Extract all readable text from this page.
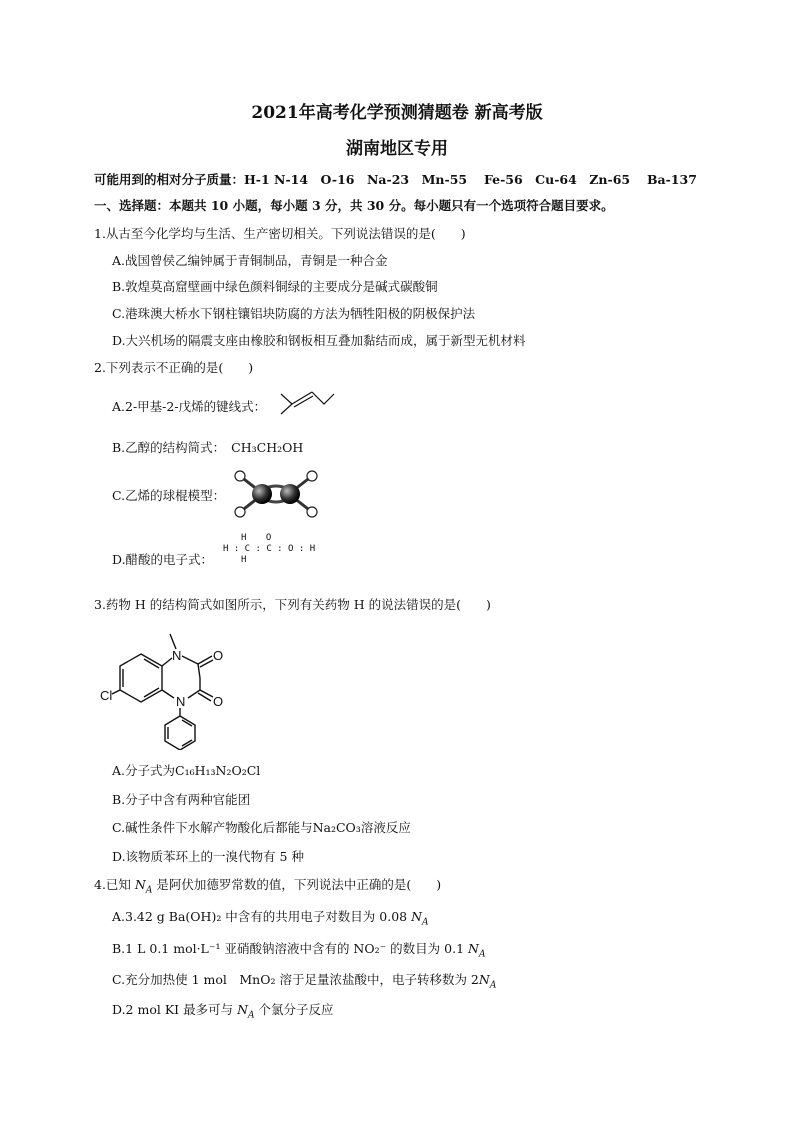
2021年高考化学预测猜题卷 新高考版
湖南地区专用
可能用到的相对分子质量：H-1 N-14　O-16　Na-23　Mn-55　 Fe-56　Cu-64　Zn-65　 Ba-137
一、选择题：本题共 10 小题，每小题 3 分，共 30 分。每小题只有一个选项符合题目要求。
1.从古至今化学均与生活、生产密切相关。下列说法错误的是(　　)
A.战国曾侯乙编钟属于青铜制品，青铜是一种合金
B.敦煌莫高窟壁画中绿色颜料铜绿的主要成分是碱式碳酸铜
C.港珠澳大桥水下钢柱镶铝块防腐的方法为牺牲阳极的阴极保护法
D.大兴机场的隔震支座由橡胶和钢板相互叠加黏结而成，属于新型无机材料
2.下列表示不正确的是(　　)
A.2-甲基-2-戊烯的键线式：
B.乙醇的结构简式： CH₃CH₂OH
C.乙烯的球棍模型：
D.醋酸的电子式：
H O
H : C : C : O : H
H
3.药物 H 的结构简式如图所示，下列有关药物 H 的说法错误的是(　　)
N
N
O
O
Cl
A.分子式为C₁₆H₁₃N₂O₂Cl
B.分子中含有两种官能团
C.碱性条件下水解产物酸化后都能与Na₂CO₃溶液反应
D.该物质苯环上的一溴代物有 5 种
4.已知 $N_A$ 是阿伏加德罗常数的值，下列说法中正确的是(　　)
A.3.42 g Ba(OH)₂ 中含有的共用电子对数目为 0.08 $N_A$
B.1 L 0.1 mol·L⁻¹ 亚硝酸钠溶液中含有的 NO₂⁻ 的数目为 0.1 $N_A$
C.充分加热使 1 mol　MnO₂ 溶于足量浓盐酸中，电子转移数为 $2N_A$
D.2 mol KI 最多可与 $N_A$ 个氯分子反应
